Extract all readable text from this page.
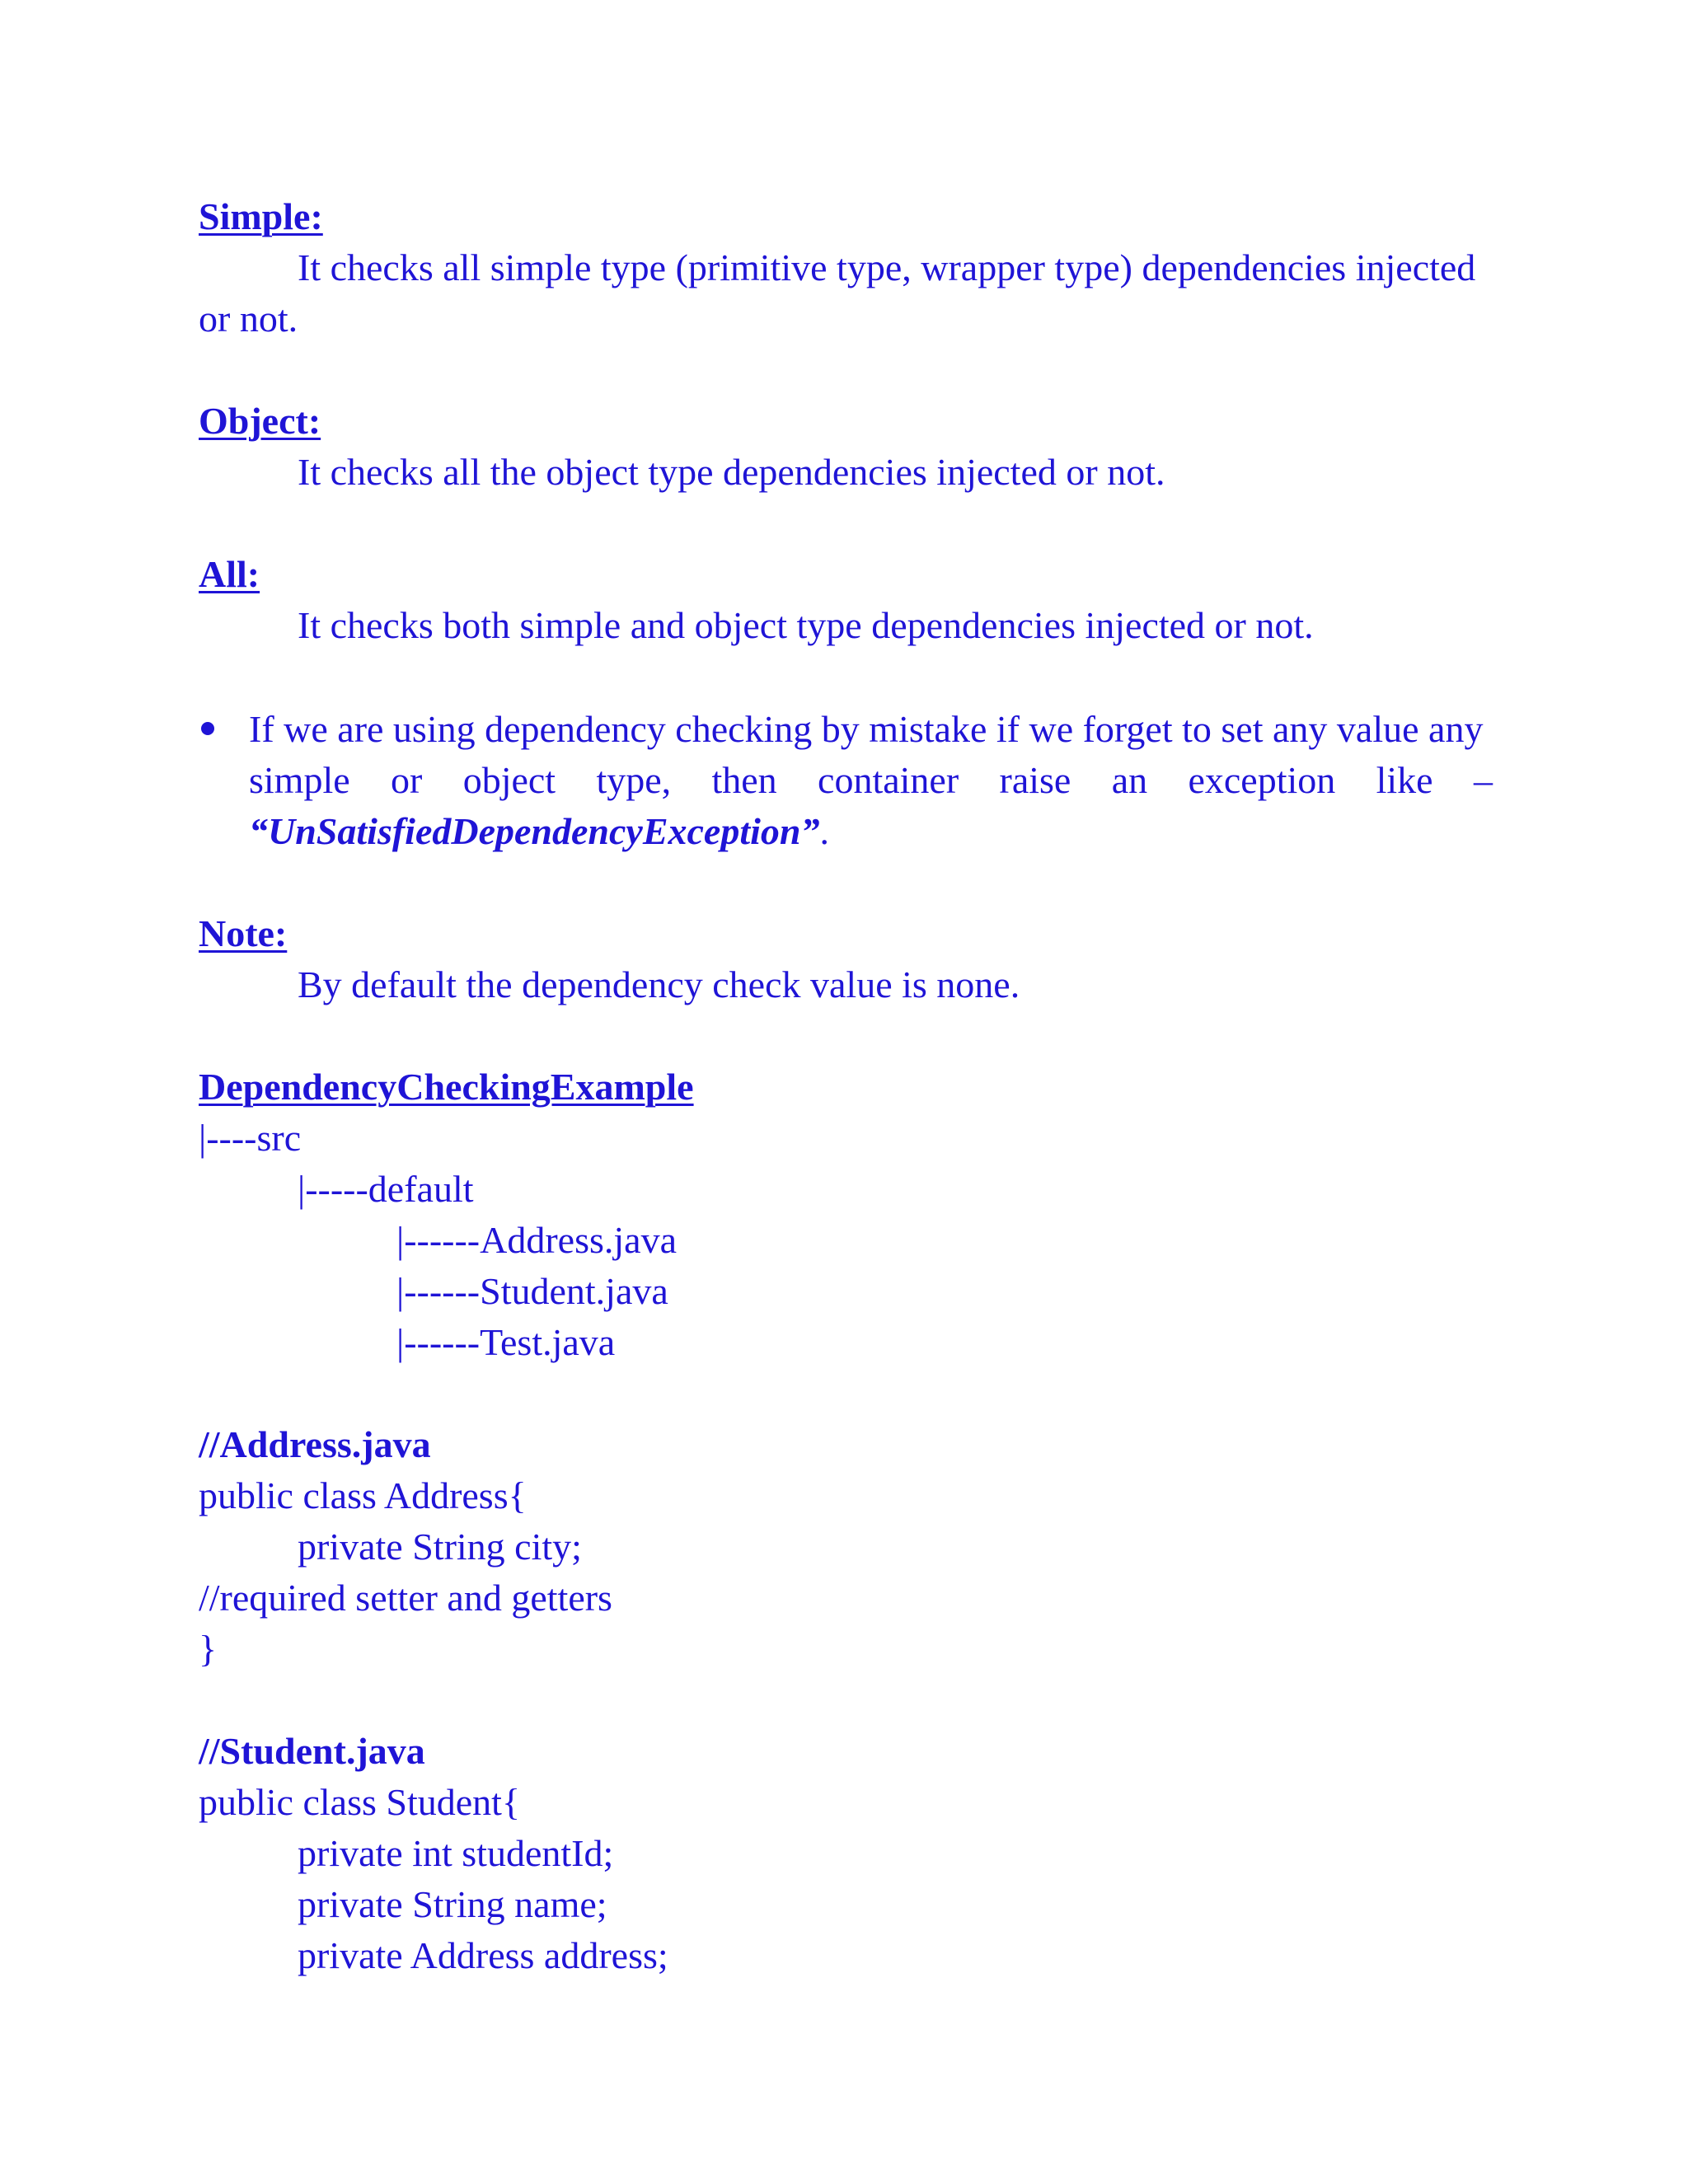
Simple:
It checks all simple type (primitive type, wrapper type) dependencies injected
or not.
Object:
It checks all the object type dependencies injected or not.
All:
It checks both simple and object type dependencies injected or not.
If we are using dependency checking by mistake if we forget to set any value any
simple or object type, then container raise an exception like –
“UnSatisfiedDependencyException”.
Note:
By default the dependency check value is none.
DependencyCheckingExample
|----src
|-----default
|------Address.java
|------Student.java
|------Test.java
//Address.java
public class Address{
private String city;
//required setter and getters
}
//Student.java
public class Student{
private int studentId;
private String name;
private Address address;
